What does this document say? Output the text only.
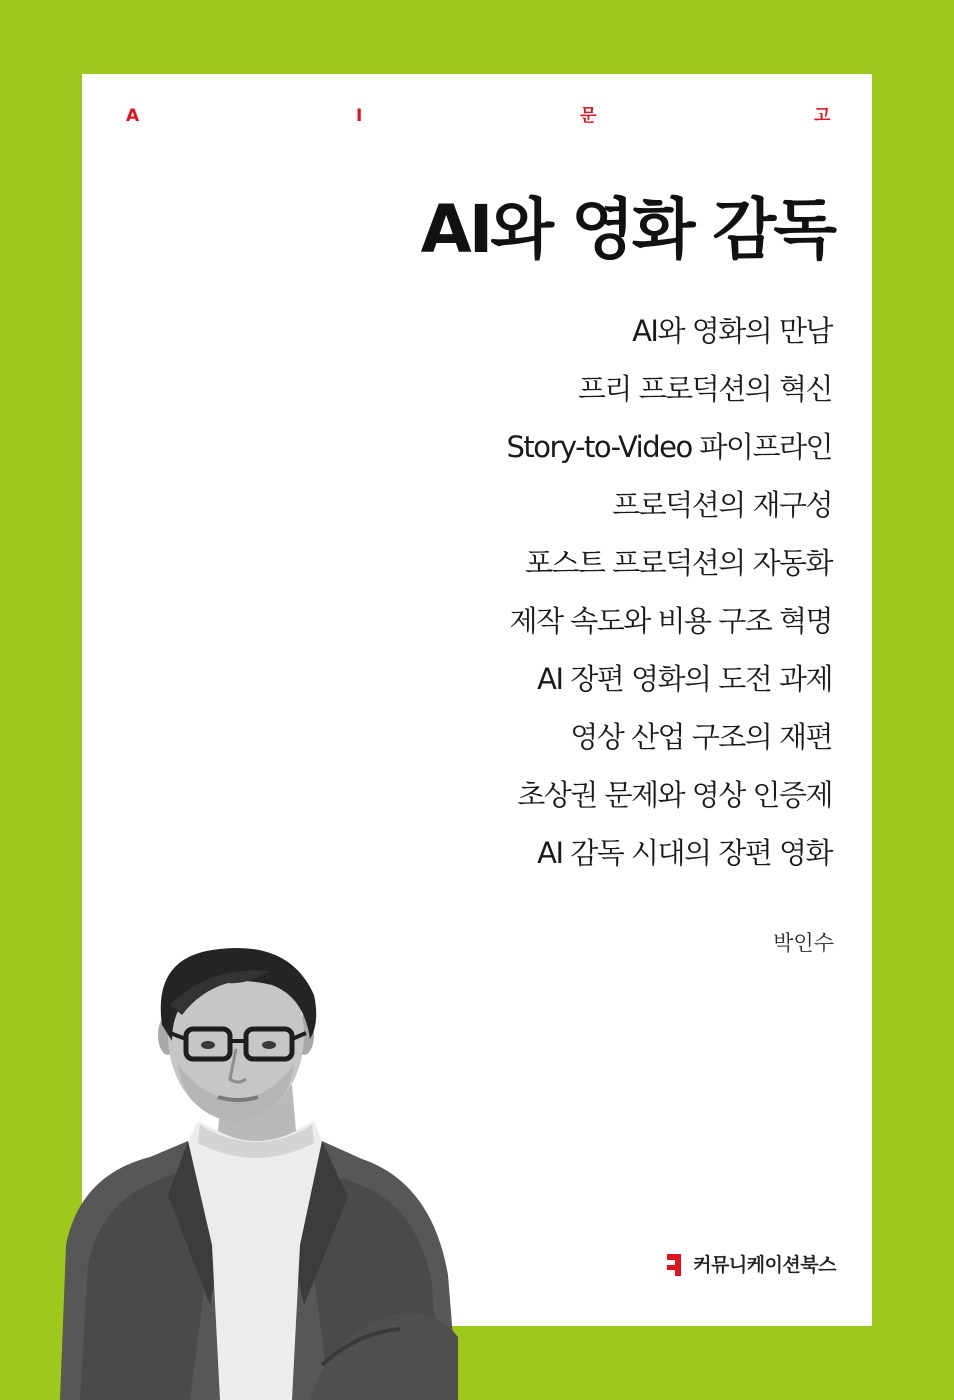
A	I	문	고
AI와 영화 감독
AI와 영화의 만남
프리 프로덕션의 혁신
Story-to-Video 파이프라인
프로덕션의 재구성
포스트 프로덕션의 자동화
제작 속도와 비용 구조 혁명
AI 장편 영화의 도전 과제
영상 산업 구조의 재편
초상권 문제와 영상 인증제
AI 감독 시대의 장편 영화
박인수
커뮤니케이션북스
